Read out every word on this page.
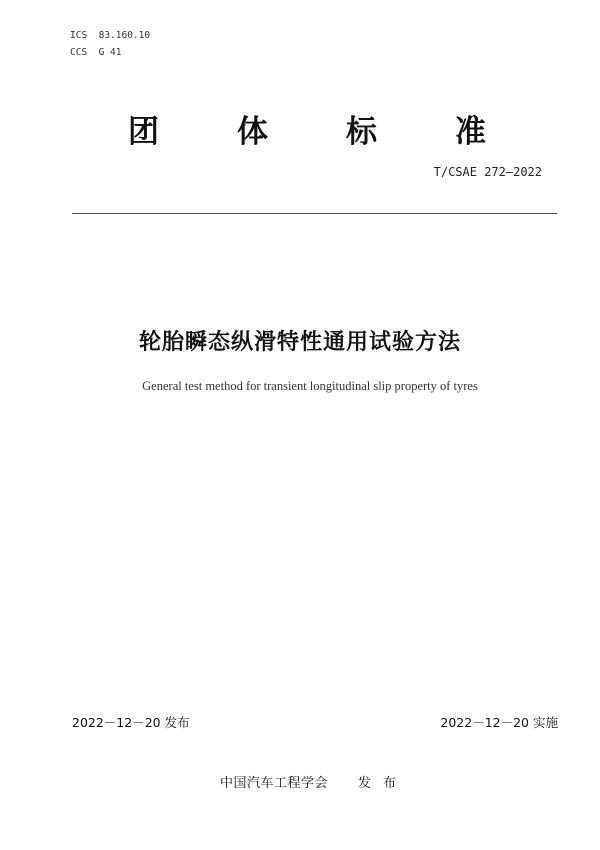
ICS  83.160.10
CCS  G 41
团	体	标	准
T/CSAE 272—2022
轮胎瞬态纵滑特性通用试验方法
General test method for transient longitudinal slip property of tyres
2022－12－20 发布	2022－12－20 实施
中国汽车工程学会 发布
